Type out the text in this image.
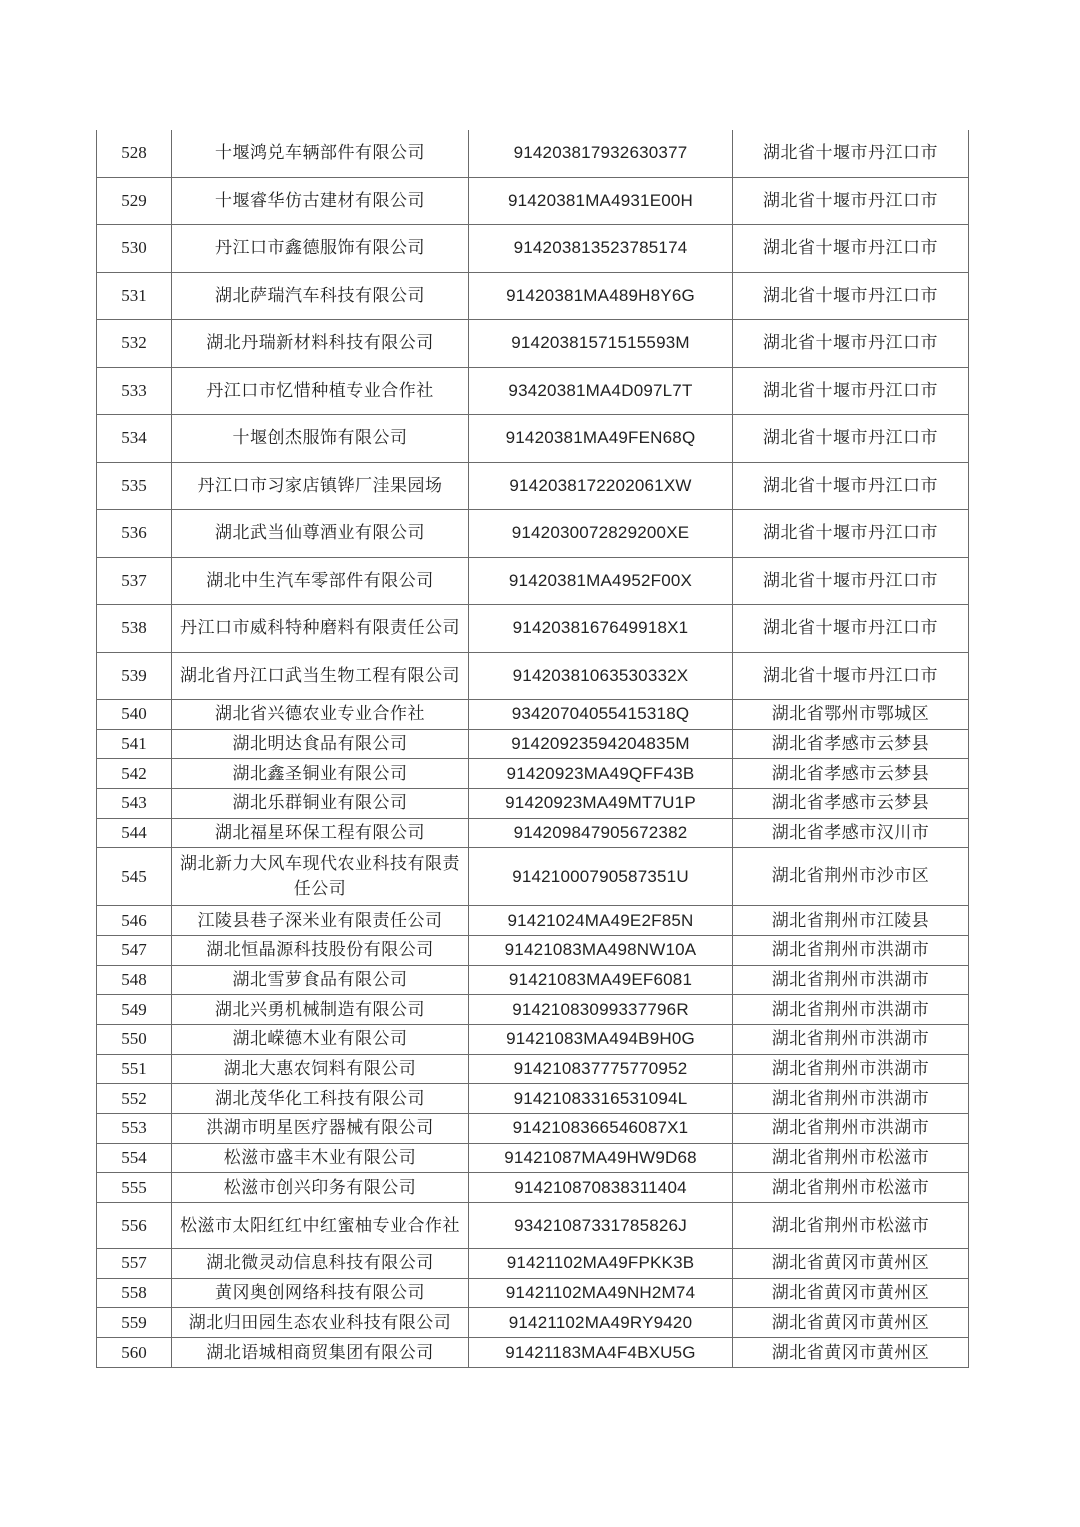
528	十堰鸿兑车辆部件有限公司	914203817932630377	湖北省十堰市丹江口市
529	十堰睿华仿古建材有限公司	91420381MA4931E00H	湖北省十堰市丹江口市
530	丹江口市鑫德服饰有限公司	914203813523785174	湖北省十堰市丹江口市
531	湖北萨瑞汽车科技有限公司	91420381MA489H8Y6G	湖北省十堰市丹江口市
532	湖北丹瑞新材料科技有限公司	91420381571515593M	湖北省十堰市丹江口市
533	丹江口市忆惜种植专业合作社	93420381MA4D097L7T	湖北省十堰市丹江口市
534	十堰创杰服饰有限公司	91420381MA49FEN68Q	湖北省十堰市丹江口市
535	丹江口市习家店镇铧厂洼果园场	9142038172202061XW	湖北省十堰市丹江口市
536	湖北武当仙尊酒业有限公司	9142030072829200XE	湖北省十堰市丹江口市
537	湖北中生汽车零部件有限公司	91420381MA4952F00X	湖北省十堰市丹江口市
538	丹江口市威科特种磨料有限责任公司	91420381676499​18X1	湖北省十堰市丹江口市
539	湖北省丹江口武当生物工程有限公司	91420381063530332X	湖北省十堰市丹江口市
540	湖北省兴德农业专业合作社	93420704055415318Q	湖北省鄂州市鄂城区
541	湖北明达食品有限公司	91420923594204835M	湖北省孝感市云梦县
542	湖北鑫圣铜业有限公司	91420923MA49QFF43B	湖北省孝感市云梦县
543	湖北乐群铜业有限公司	91420923MA49MT7U1P	湖北省孝感市云梦县
544	湖北福星环保工程有限公司	914209847905672382	湖北省孝感市汉川市
545	湖北新力大风车现代农业科技有限责任公司	91421000790587351U	湖北省荆州市沙市区
546	江陵县巷子深米业有限责任公司	91421024MA49E2F85N	湖北省荆州市江陵县
547	湖北恒晶源科技股份有限公司	91421083MA498NW10A	湖北省荆州市洪湖市
548	湖北雪萝食品有限公司	91421083MA49EF6081	湖北省荆州市洪湖市
549	湖北兴勇机械制造有限公司	91421083099337796R	湖北省荆州市洪湖市
550	湖北嵘德木业有限公司	91421083MA494B9H0G	湖北省荆州市洪湖市
551	湖北大惠农饲料有限公司	914210837775770952	湖北省荆州市洪湖市
552	湖北茂华化工科技有限公司	91421083316531094L	湖北省荆州市洪湖市
553	洪湖市明星医疗器械有限公司	9142108366546087X1	湖北省荆州市洪湖市
554	松滋市盛丰木业有限公司	91421087MA49HW9D68	湖北省荆州市松滋市
555	松滋市创兴印务有限公司	914210870838311404	湖北省荆州市松滋市
556	松滋市太阳红红中红蜜柚专业合作社	93421087331785826J	湖北省荆州市松滋市
557	湖北微灵动信息科技有限公司	91421102MA49FPKK3B	湖北省黄冈市黄州区
558	黄冈奥创网络科技有限公司	91421102MA49NH2M74	湖北省黄冈市黄州区
559	湖北归田园生态农业科技有限公司	91421102MA49RY9420	湖北省黄冈市黄州区
560	湖北语城相商贸集团有限公司	91421183MA4F4BXU5G	湖北省黄冈市黄州区
